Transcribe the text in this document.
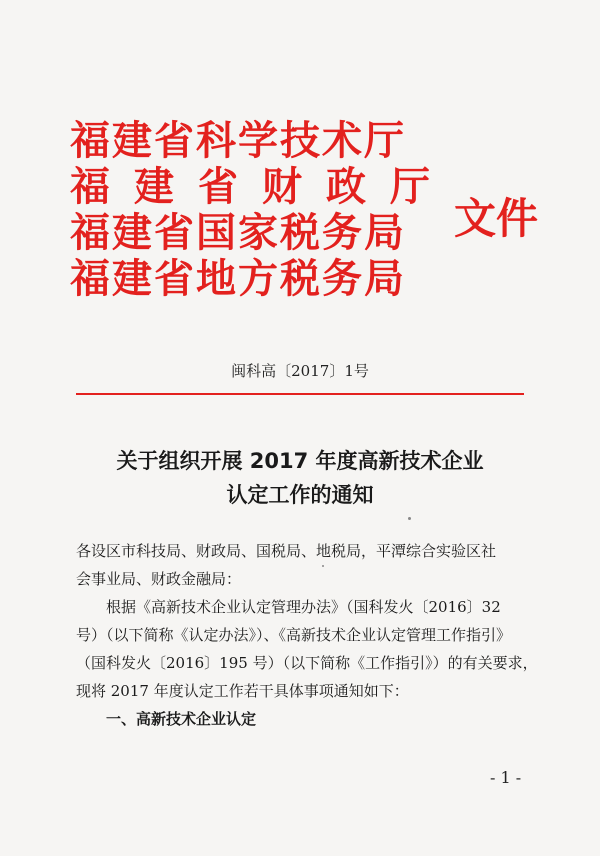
福建省科学技术厅
福建省财政厅
福建省国家税务局
福建省地方税务局
文件
闽科高〔2017〕1号
关于组织开展 2017 年度高新技术企业
认定工作的通知
各设区市科技局、财政局、国税局、地税局，平潭综合实验区社
会事业局、财政金融局：
根据《高新技术企业认定管理办法》（国科发火〔2016〕32
号）（以下简称《认定办法》）、《高新技术企业认定管理工作指引》
（国科发火〔2016〕195 号）（以下简称《工作指引》）的有关要求，
现将 2017 年度认定工作若干具体事项通知如下：
一、高新技术企业认定
- 1 -
